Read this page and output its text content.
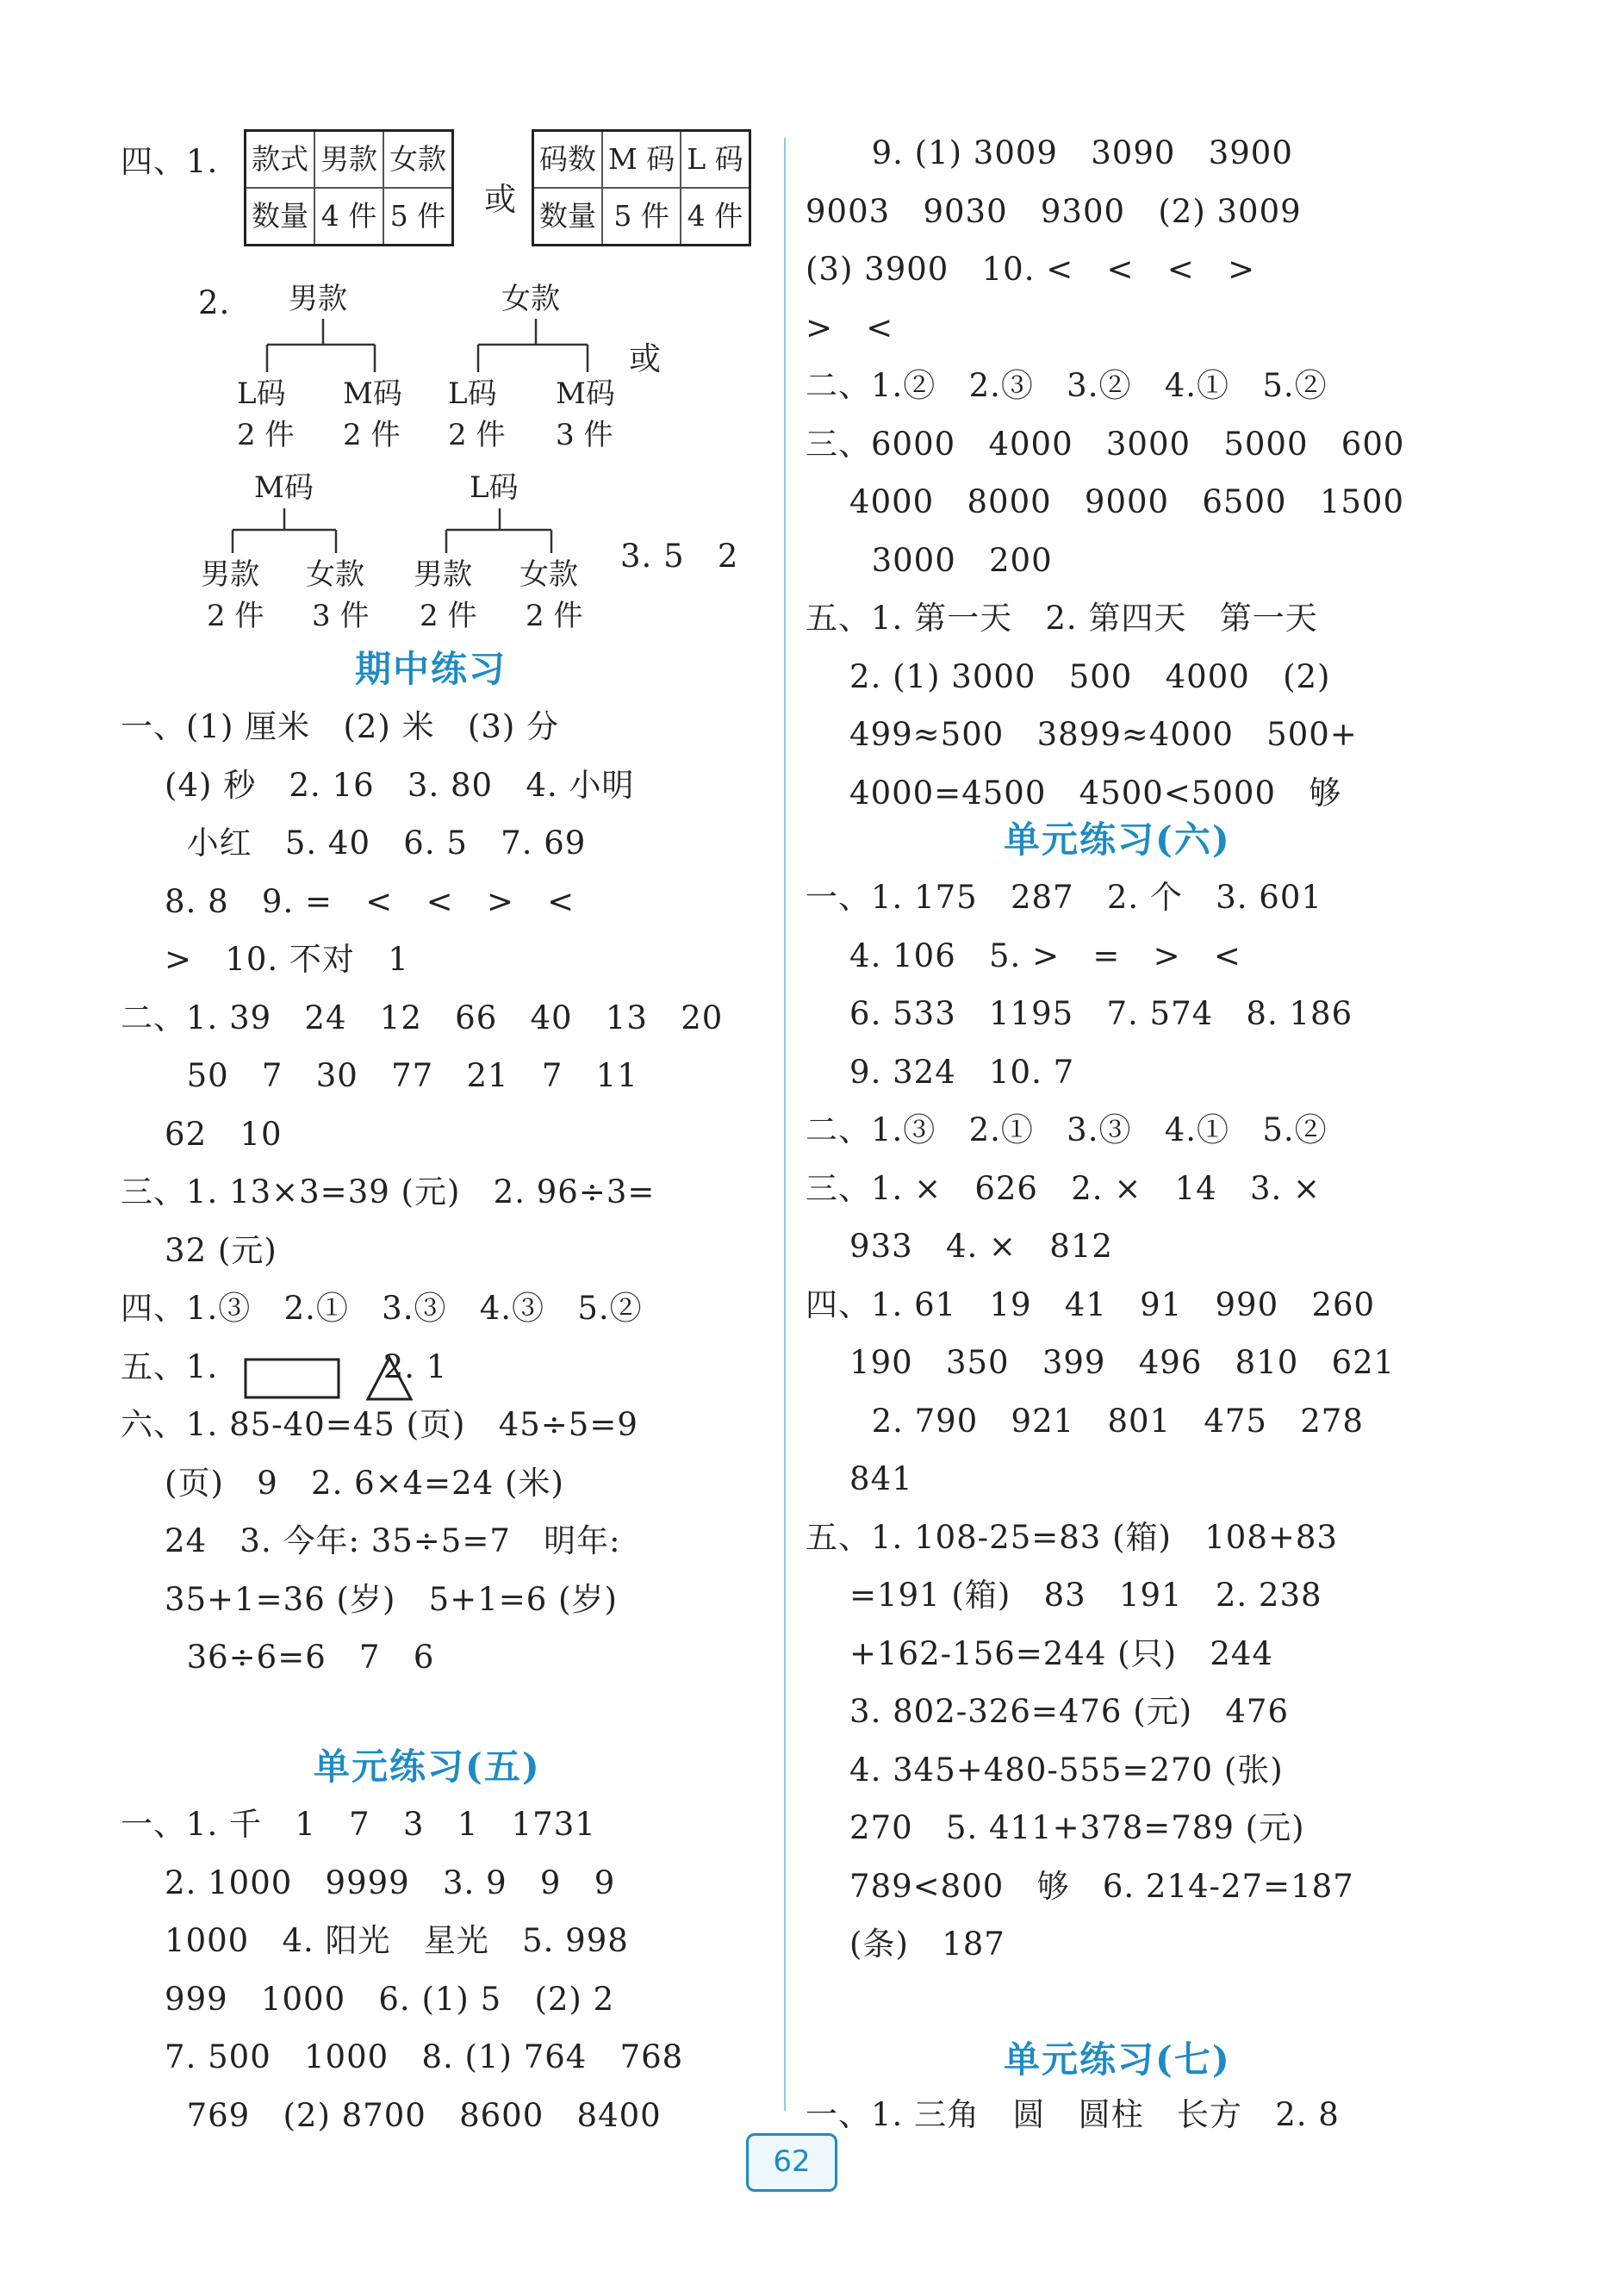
四、1. 款式	男款	女款
数量	4 件	5 件 或
码数	M 码	L 码
数量	5 件	4 件
2. 男款	女款
L码 M码 L码 M码
2 件 2 件 2 件 3 件
或
M码	L码
男款 女款 男款 女款
2 件 3 件 2 件 2 件
3. 5   2
期中练习
一、(1) 厘米   (2) 米   (3) 分
(4) 秒   2. 16   3. 80   4. 小明
小红   5. 40   6. 5   7. 69
8. 8   9. =   <   <   >   <
>   10. 不对   1
二、1. 39   24   12   66   40   13   20
50   7   30   77   21   7   11
62   10
三、1. 13×3=39 (元)   2. 96÷3=
32 (元)
四、1.③   2.①   3.③   4.③   5.②
五、1.               2. 1
六、1. 85-40=45 (页)   45÷5=9
(页)   9   2. 6×4=24 (米)
24   3. 今年: 35÷5=7   明年:
35+1=36 (岁)   5+1=6 (岁)
36÷6=6   7   6
单元练习(五)
一、1. 千   1   7   3   1   1731
2. 1000   9999   3. 9   9   9
1000   4. 阳光   星光   5. 998
999   1000   6. (1) 5   (2) 2
7. 500   1000   8. (1) 764   768
769   (2) 8700   8600   8400
9. (1) 3009   3090   3900
9003   9030   9300   (2) 3009
(3) 3900   10. <   <   <   >
>   <
二、1.②   2.③   3.②   4.①   5.②
三、6000   4000   3000   5000   600
4000   8000   9000   6500   1500
3000   200
五、1. 第一天   2. 第四天   第一天
2. (1) 3000   500   4000   (2)
499≈500   3899≈4000   500+
4000=4500   4500<5000   够
单元练习(六)
一、1. 175   287   2. 个   3. 601
4. 106   5. >   =   >   <
6. 533   1195   7. 574   8. 186
9. 324   10. 7
二、1.③   2.①   3.③   4.①   5.②
三、1. ×   626   2. ×   14   3. ×
933   4. ×   812
四、1. 61   19   41   91   990   260
190   350   399   496   810   621
2. 790   921   801   475   278
841
五、1. 108-25=83 (箱)   108+83
=191 (箱)   83   191   2. 238
+162-156=244 (只)   244
3. 802-326=476 (元)   476
4. 345+480-555=270 (张)
270   5. 411+378=789 (元)
789<800   够   6. 214-27=187
(条)   187
单元练习(七)
一、1. 三角   圆   圆柱   长方   2. 8
62
